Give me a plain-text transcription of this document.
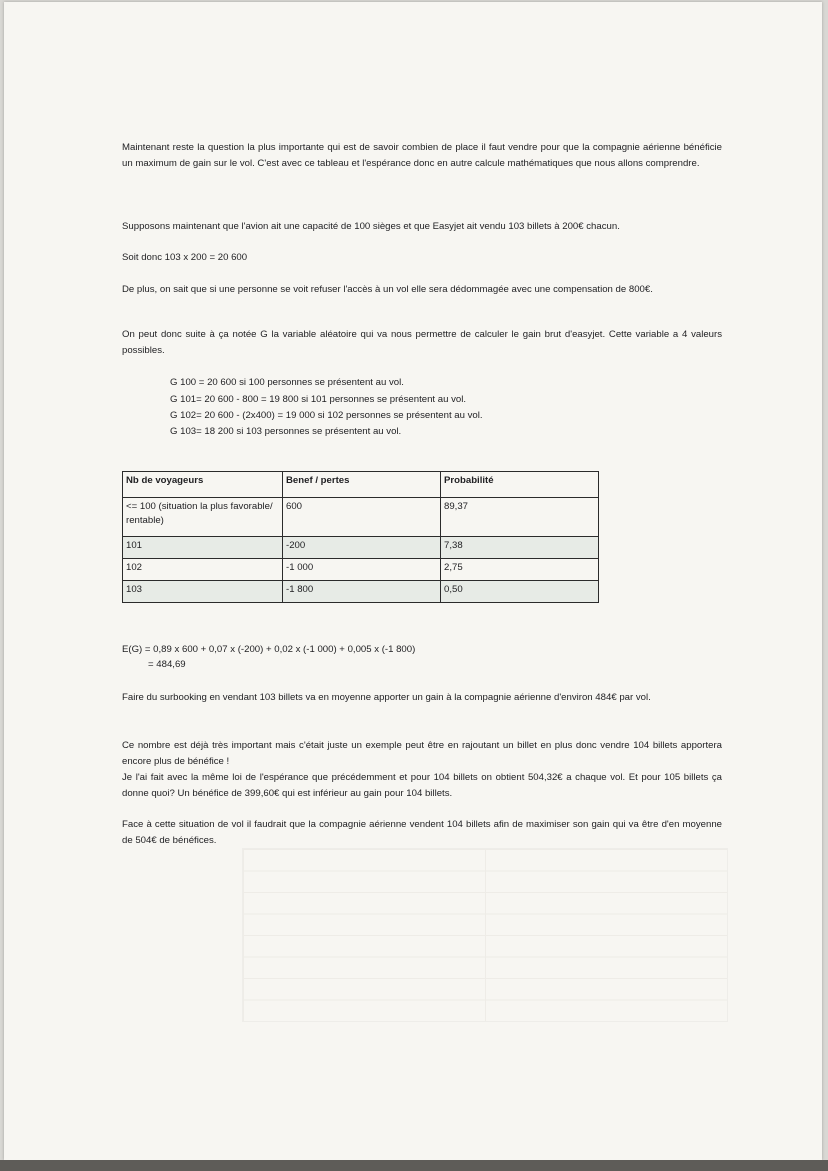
Maintenant reste la question la plus importante qui est de savoir combien de place il faut vendre pour que la compagnie aérienne bénéficie un maximum de gain sur le vol. C'est avec ce tableau et l'espérance donc en autre calcule mathématiques que nous allons comprendre.

Supposons maintenant que l'avion ait une capacité de 100 sièges et que Easyjet ait vendu 103 billets à 200€ chacun.

Soit donc 103 x 200 = 20 600

De plus, on sait que si une personne se voit refuser l'accès à un vol elle sera dédommagée avec une compensation de 800€.

On peut donc suite à ça notée G la variable aléatoire qui va nous permettre de calculer le gain brut d'easyjet. Cette variable a 4 valeurs possibles.

G 100 = 20 600 si 100 personnes se présentent au vol.
G 101= 20 600 - 800 = 19 800 si 101 personnes se présentent au vol.
G 102= 20 600 - (2x400) = 19 000 si 102 personnes se présentent au vol.
G 103= 18 200 si 103 personnes se présentent au vol.
Nb de voyageurs	Benef / pertes	Probabilité
<= 100 (situation la plus favorable/ rentable)	600	89,37
101	-200	7,38
102	-1 000	2,75
103	-1 800	0,50
E(G) = 0,89 x 600 + 0,07 x (-200) + 0,02 x (-1 000) + 0,005 x (-1 800)
= 484,69

Faire du surbooking en vendant 103 billets va en moyenne apporter un gain à la compagnie aérienne d'environ 484€ par vol.

Ce nombre est déjà très important mais c'était juste un exemple peut être en rajoutant un billet en plus donc vendre 104 billets apportera encore plus de bénéfice !

Je l'ai fait avec la même loi de l'espérance que précédemment et pour 104 billets on obtient 504,32€ a chaque vol. Et pour 105 billets ça donne quoi? Un bénéfice de 399,60€ qui est inférieur au gain pour 104 billets.

Face à cette situation de vol il faudrait que la compagnie aérienne vendent 104 billets afin de maximiser son gain qui va être d'en moyenne de 504€ de bénéfices.
